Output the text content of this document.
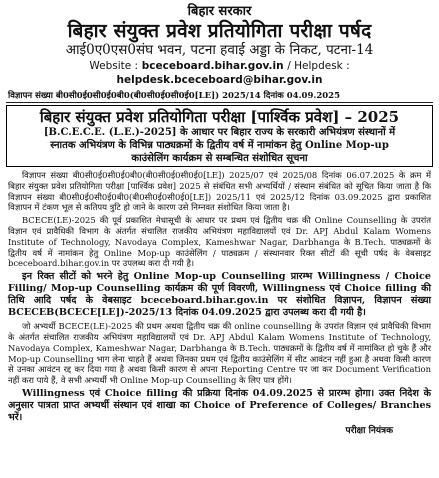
बिहार सरकार
बिहार संयुक्त प्रवेश प्रतियोगिता परीक्षा पर्षद
आई0ए0एस0संघ भवन, पटना हवाई अड्डा के निकट, पटना-14
Website : bceceboard.bihar.gov.in / Helpdesk : helpdesk.bceceboard@bihar.gov.in
विज्ञापन संख्या बी0सी0ई0सी0ई0बी0(बी0सी0ई0सी0ई0[LE]) 2025/14 दिनांक 04.09.2025
बिहार संयुक्त प्रवेश प्रतियोगिता परीक्षा [पार्श्विक प्रवेश] – 2025
[B.C.E.C.E. (L.E.)-2025] के आधार पर बिहार राज्य के सरकारी अभियंत्रण संस्थानों में
स्नातक अभियंत्रण के विभिन्न पाठ्यक्रमों के द्वितीय वर्ष में नामांकन हेतु Online Mop-up
काउंसेलिंग कार्यक्रम से सम्बन्धित संशोधित सूचना

विज्ञापन संख्या बी0सी0ई0सी0ई0बी0(बी0सी0ई0सी0ई0[LE]) 2025/07 एवं 2025/08 दिनांक 06.07.2025 के क्रम में बिहार संयुक्त प्रवेश प्रतियोगिता परीक्षा [पार्श्विक प्रवेश] 2025 से संबंधित सभी अभ्यर्थियों / संस्थान संबंधित को सूचित किया जाता है कि विज्ञापन संख्या बी0सी0ई0सी0ई0बी0(बी0सी0ई0सी0ई0[LE]) 2025/11 एवं 2025/12 दिनांक 03.09.2025 द्वारा प्रकाशित विज्ञापन में टंकण भूल से कतिपय त्रुटि हो जाने के कारण उसे निम्नवत संशोधित किया जाता है।

BCECE(LE)-2025 की पूर्व प्रकाशित मेधासूची के आधार पर प्रथम एवं द्वितीय चक्र की Online Counselling के उपरांत विज्ञान एवं प्रावैधिकी विभाग के अंतर्गत संचालित राजकीय अभियंत्रण महाविद्यालयों एवं Dr. APJ Abdul Kalam Womens Institute of Technology, Navodaya Complex, Kameshwar Nagar, Darbhanga के B.Tech. पाठ्यक्रमों के द्वितीय वर्ष में नामांकन हेतु Online Mop-up काउंसेलिंग / पाठ्यक्रम / संस्थानवार रिक्त सीटों की सूची पर्षद के वेबसाइट bceceboard.bihar.gov.in पर उपलब्ध करा दी गयी है।

इन रिक्त सीटों को भरने हेतु Online Mop-up Counselling प्रारम्भ Willingness / Choice Filling/ Mop-up Counselling कार्यक्रम की पूर्ण विवरणी, Willingness एवं Choice filling की तिथि आदि पर्षद के वेबसाइट bceceboard.bihar.gov.in पर संशोधित विज्ञापन, विज्ञापन संख्या BCECEB(BCECE[LE])-2025/13 दिनांक 04.09.2025 द्वारा उपलब्ध करा दी गयी है।

जो अभ्यर्थी BCECE(LE)-2025 की प्रथम अथवा द्वितीय चक्र की online counselling के उपरांत विज्ञान एवं प्रावैधिकी विभाग के अंतर्गत संचालित राजकीय अभियंत्रण महाविद्यालयों एवं Dr. APJ Abdul Kalam Womens Institute of Technology, Navodaya Complex, Kameshwar Nagar, Darbhanga के B.Tech. पाठ्यक्रमों के द्वितीय वर्ष में नामांकित हो चुके हैं और Mop-up Counselling भाग लेना चाहते हैं अथवा जिनका प्रथम एवं द्वितीय काउंसेलिंग में सीट आवंटन नहीं हुआ है अथवा किसी कारण से उनका आवंटन रद्द कर दिया गया है अथवा किसी कारण से अपना Reporting Centre पर जा कर Document Verification नहीं करा पाये हैं, वे सभी अभ्यर्थी भी Online Mop-up Counselling के लिए पात्र होंगे।

Willingness एवं Choice filling की प्रक्रिया दिनांक 04.09.2025 से प्रारम्भ होगा। उक्त निदेश के अनुसार पात्रता प्राप्त अभ्यर्थी संस्थान एवं शाखा का Choice of Preference of Colleges/ Branches भरें।

परीक्षा नियंत्रक
